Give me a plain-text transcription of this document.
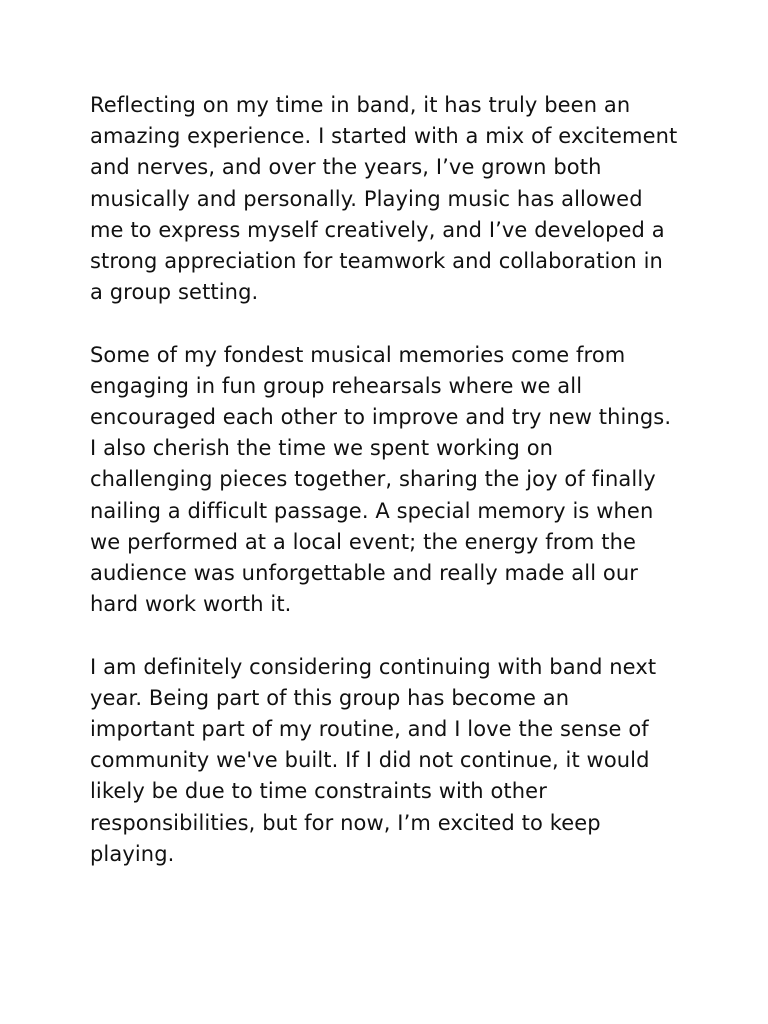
Reflecting on my time in band, it has truly been an amazing experience. I started with a mix of excitement and nerves, and over the years, I’ve grown both musically and personally. Playing music has allowed me to express myself creatively, and I’ve developed a strong appreciation for teamwork and collaboration in a group setting.

Some of my fondest musical memories come from engaging in fun group rehearsals where we all encouraged each other to improve and try new things. I also cherish the time we spent working on challenging pieces together, sharing the joy of finally nailing a difficult passage. A special memory is when we performed at a local event; the energy from the audience was unforgettable and really made all our hard work worth it.

I am definitely considering continuing with band next year. Being part of this group has become an important part of my routine, and I love the sense of community we've built. If I did not continue, it would likely be due to time constraints with other responsibilities, but for now, I’m excited to keep playing.
